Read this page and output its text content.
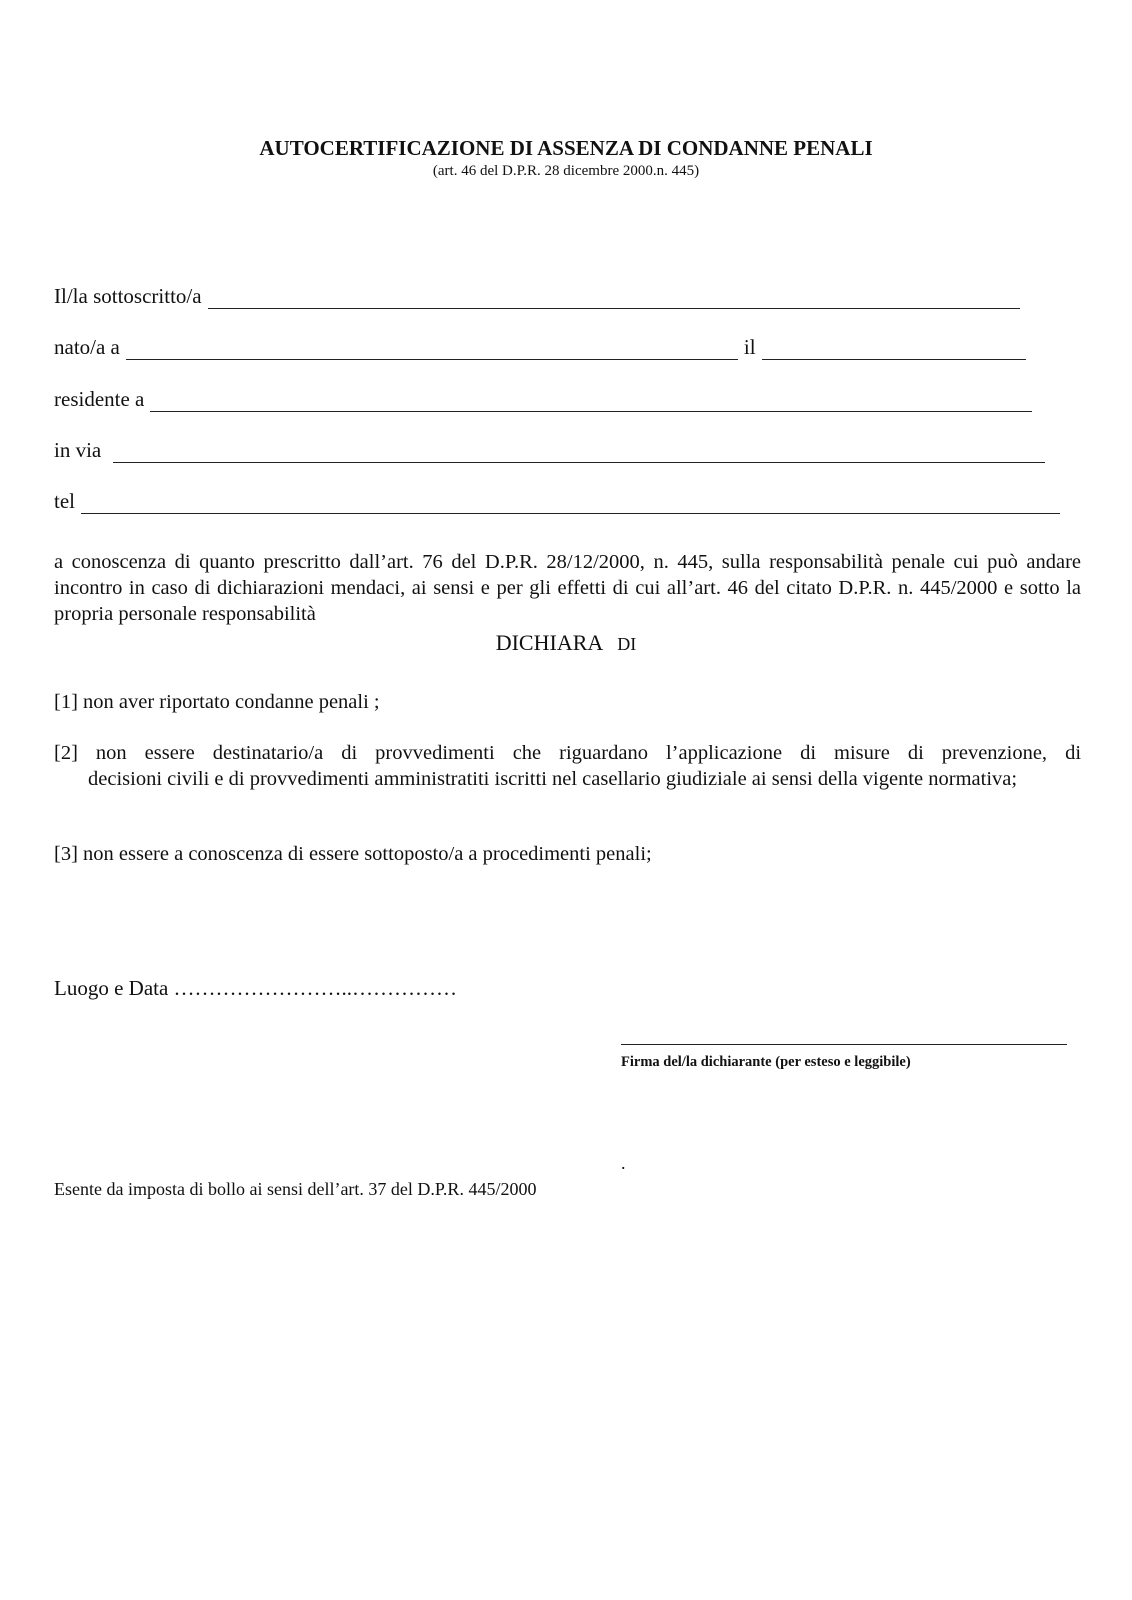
AUTOCERTIFICAZIONE DI ASSENZA DI CONDANNE PENALI
(art. 46 del D.P.R. 28 dicembre 2000.n. 445)
Il/la sottoscritto/a
nato/a a	il
residente a
in via
tel
a conoscenza di quanto prescritto dall’art. 76 del D.P.R. 28/12/2000, n. 445, sulla responsabilità penale cui può andare incontro in caso di dichiarazioni mendaci, ai sensi e per gli effetti di cui all’art. 46 del citato D.P.R. n. 445/2000 e sotto la propria personale responsabilità
DICHIARA DI
[1] non aver riportato condanne penali ;
[2] non essere destinatario/a di provvedimenti che riguardano l’applicazione di misure di prevenzione, di
decisioni civili e di provvedimenti amministratiti iscritti nel casellario giudiziale ai sensi della vigente normativa;
[3] non essere a conoscenza di essere sottoposto/a a procedimenti penali;
Luogo e Data ……………………..……………
Firma del/la dichiarante (per esteso e leggibile)
.
Esente da imposta di bollo ai sensi dell’art. 37 del D.P.R. 445/2000
